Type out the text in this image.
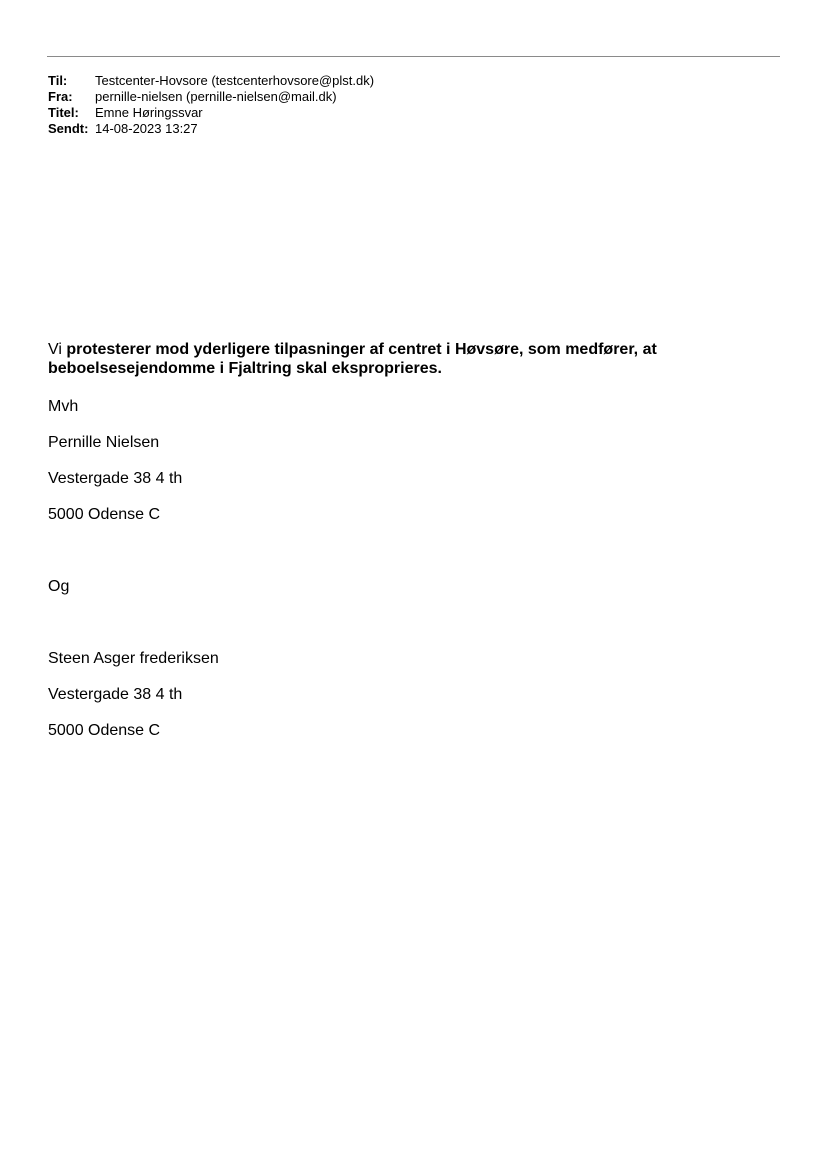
Til:	Testcenter-Hovsore (testcenterhovsore@plst.dk)
Fra:	pernille-nielsen (pernille-nielsen@mail.dk)
Titel:	Emne Høringssvar
Sendt: 14-08-2023 13:27

Vi protesterer mod yderligere tilpasninger af centret i Høvsøre, som medfører, at beboelsesejendomme i Fjaltring skal eksproprieres.

Mvh
Pernille Nielsen
Vestergade 38 4 th
5000 Odense C
Og
Steen Asger frederiksen
Vestergade 38 4 th
5000 Odense C
